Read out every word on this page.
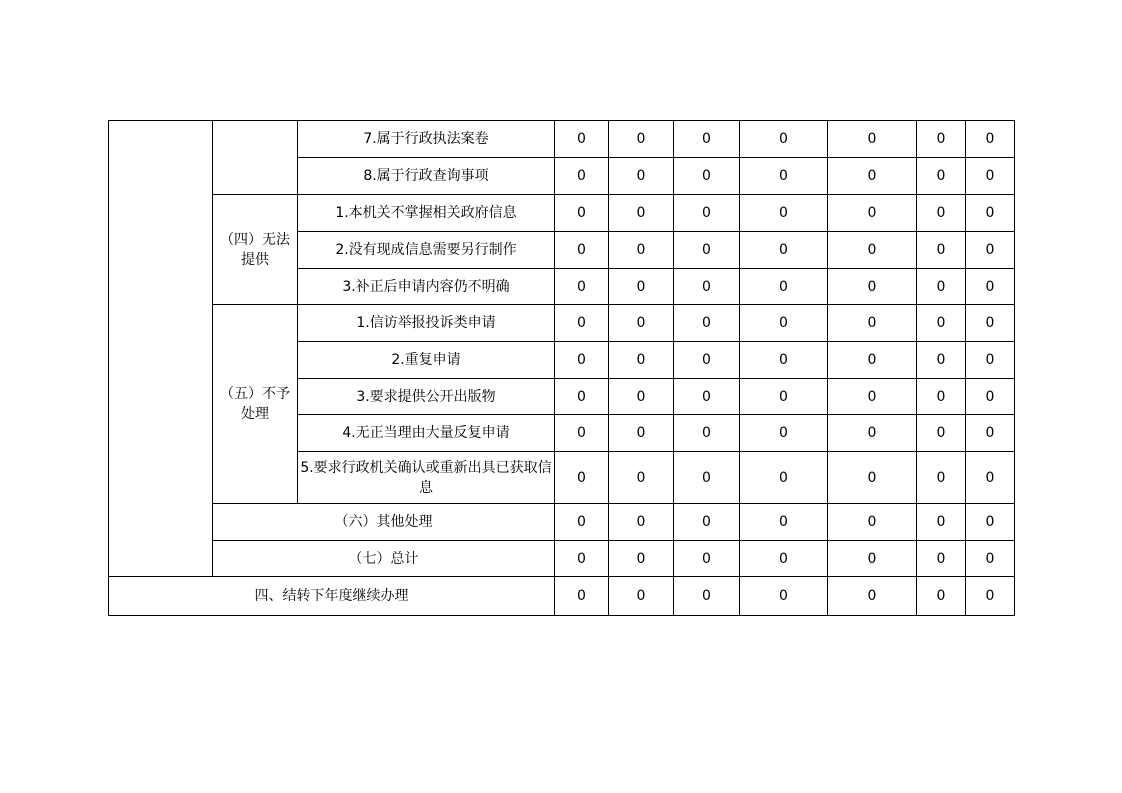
		7.属于行政执法案卷	0	0	0	0	0	0	0
		8.属于行政查询事项	0	0	0	0	0	0	0
	（四）无法提供	1.本机关不掌握相关政府信息	0	0	0	0	0	0	0
		2.没有现成信息需要另行制作	0	0	0	0	0	0	0
		3.补正后申请内容仍不明确	0	0	0	0	0	0	0
	（五）不予处理	1.信访举报投诉类申请	0	0	0	0	0	0	0
		2.重复申请	0	0	0	0	0	0	0
		3.要求提供公开出版物	0	0	0	0	0	0	0
		4.无正当理由大量反复申请	0	0	0	0	0	0	0
		5.要求行政机关确认或重新出具已获取信息	0	0	0	0	0	0	0
	（六）其他处理		0	0	0	0	0	0	0
	（七）总计		0	0	0	0	0	0	0
四、结转下年度继续办理			0	0	0	0	0	0	0
